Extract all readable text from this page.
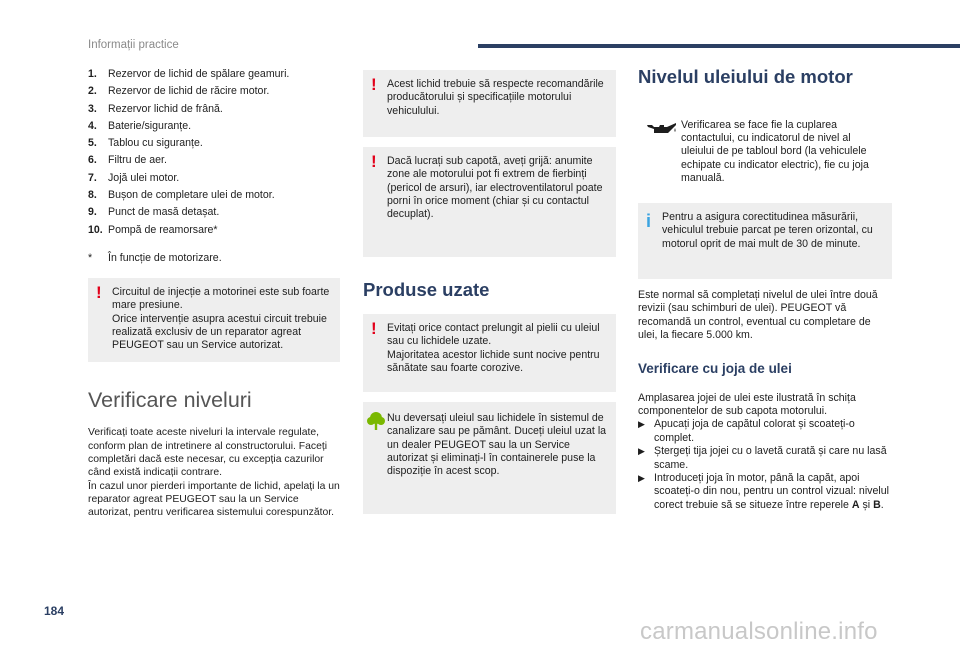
Informații practice
1.	Rezervor de lichid de spălare geamuri.
2.	Rezervor de lichid de răcire motor.
3.	Rezervor lichid de frână.
4.	Baterie/siguranțe.
5.	Tablou cu siguranțe.
6.	Filtru de aer.
7.	Jojă ulei motor.
8.	Bușon de completare ulei de motor.
9.	Punct de masă detașat.
10. Pompă de reamorsare*
*	În funcție de motorizare.
! Circuitul de injecție a motorinei este sub foarte mare presiune.

Orice intervenție asupra acestui circuit trebuie realizată exclusiv de un reparator agreat PEUGEOT sau un Service autorizat.

Verificare niveluri

Verificați toate aceste niveluri la intervale regulate, conform plan de intretinere al constructorului. Faceți completări dacă este necesar, cu excepția cazurilor când există indicații contrare.

În cazul unor pierderi importante de lichid, apelați la un reparator agreat PEUGEOT sau la un Service autorizat, pentru verificarea sistemului corespunzător.

! Acest lichid trebuie să respecte recomandările producătorului și specificațiile motorului vehiculului.

! Dacă lucrați sub capotă, aveți grijă: anumite zone ale motorului pot fi extrem de fierbinți (pericol de arsuri), iar electroventilatorul poate porni în orice moment (chiar și cu contactul decuplat).

Produse uzate
! Evitați orice contact prelungit al pielii cu uleiul sau cu lichidele uzate.

Majoritatea acestor lichide sunt nocive pentru sănătate sau foarte corozive.

Nu deversați uleiul sau lichidele în sistemul de canalizare sau pe pământ. Duceți uleiul uzat la un dealer PEUGEOT sau la un Service autorizat și eliminați-l în containerele puse la dispoziție în acest scop.

Nivelul uleiului de motor

Verificarea se face fie la cuplarea contactului, cu indicatorul de nivel al uleiului de pe tabloul bord (la vehiculele echipate cu indicator electric), fie cu joja manuală.

i Pentru a asigura corectitudinea măsurării, vehiculul trebuie parcat pe teren orizontal, cu motorul oprit de mai mult de 30 de minute.

Este normal să completați nivelul de ulei între două revizii (sau schimburi de ulei). PEUGEOT vă recomandă un control, eventual cu completare de ulei, la fiecare 5.000 km.

Verificare cu joja de ulei

Amplasarea jojei de ulei este ilustrată în schița componentelor de sub capota motorului.

▶ Apucați joja de capătul colorat și scoateți-o complet.
▶ Ștergeți tija jojei cu o lavetă curată și care nu lasă scame.
▶ Introduceți joja în motor, până la capăt, apoi scoateți-o din nou, pentru un control vizual: nivelul corect trebuie să se situeze între reperele A și B.
184
carmanualsonline.info
